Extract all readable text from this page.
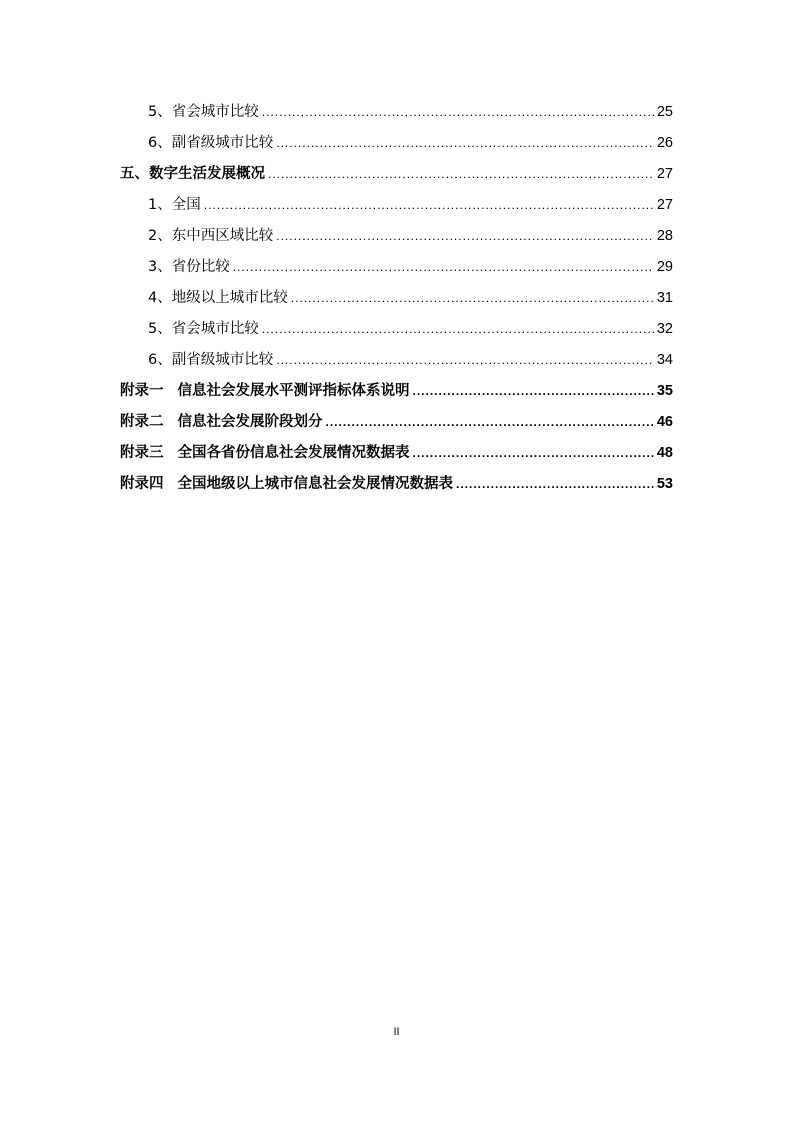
5、省会城市比较 .....	25
6、副省级城市比较 .....	26
五、数字生活发展概况 .....	27
1、全国 .....	27
2、东中西区域比较 .....	28
3、省份比较 .....	29
4、地级以上城市比较 .....	31
5、省会城市比较 .....	32
6、副省级城市比较 .....	34
附录一 信息社会发展水平测评指标体系说明 .....	35
附录二 信息社会发展阶段划分 .....	46
附录三 全国各省份信息社会发展情况数据表 .....	48
附录四 全国地级以上城市信息社会发展情况数据表 .....	53
II
